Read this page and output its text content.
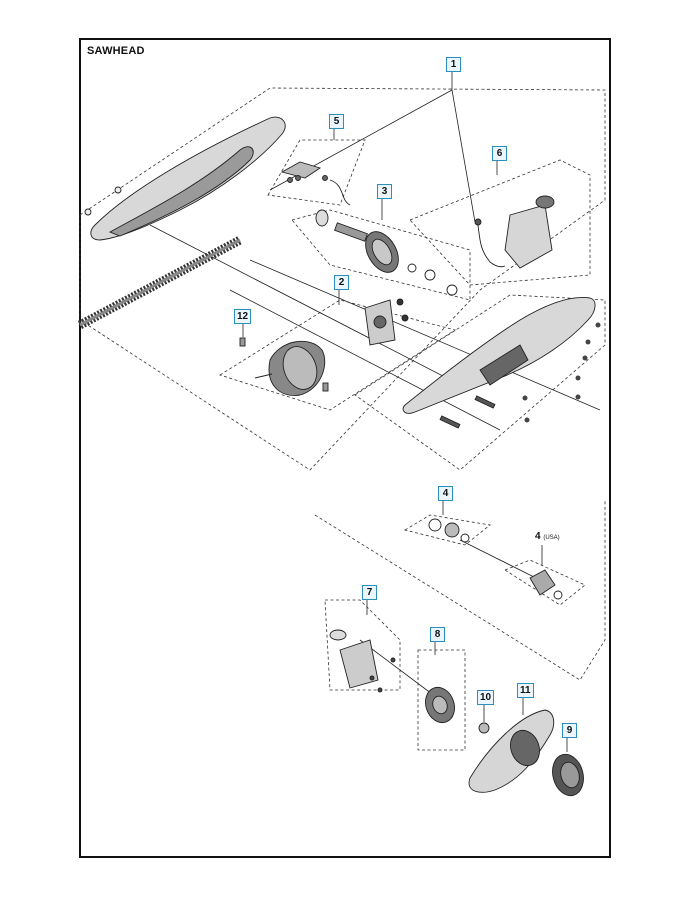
SAWHEAD
1
5
6
3
2
12
4
4 (USA)
7
8
11
10
9
